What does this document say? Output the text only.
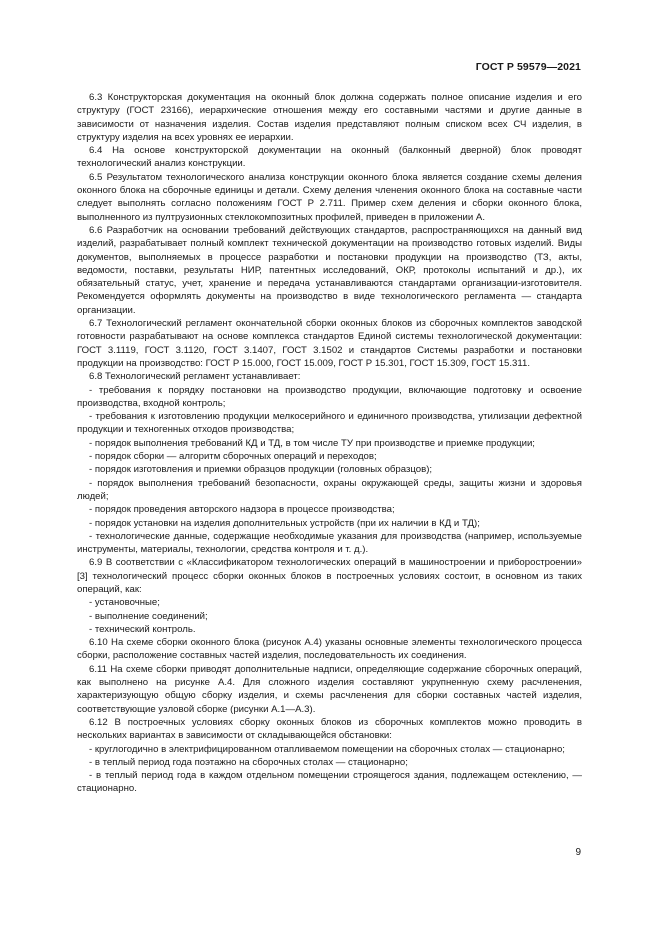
ГОСТ Р 59579—2021

6.3 Конструкторская документация на оконный блок должна содержать полное описание изделия и его структуру (ГОСТ 23166), иерархические отношения между его составными частями и другие данные в зависимости от назначения изделия. Состав изделия представляют полным списком всех СЧ изделия, в структуру изделия на всех уровнях ее иерархии.

6.4 На основе конструкторской документации на оконный (балконный дверной) блок проводят технологический анализ конструкции.

6.5 Результатом технологического анализа конструкции оконного блока является создание схемы деления оконного блока на сборочные единицы и детали. Схему деления членения оконного блока на составные части следует выполнять согласно положениям ГОСТ Р 2.711. Пример схем деления и сборки оконного блока, выполненного из пултрузионных стеклокомпозитных профилей, приведен в приложении А.

6.6 Разработчик на основании требований действующих стандартов, распространяющихся на данный вид изделий, разрабатывает полный комплект технической документации на производство готовых изделий. Виды документов, выполняемых в процессе разработки и постановки продукции на производство (ТЗ, акты, ведомости, поставки, результаты НИР, патентных исследований, ОКР, протоколы испытаний и др.), их обязательный статус, учет, хранение и передача устанавливаются стандартами организации-изготовителя. Рекомендуется оформлять документы на производство в виде технологического регламента — стандарта организации.

6.7 Технологический регламент окончательной сборки оконных блоков из сборочных комплектов заводской готовности разрабатывают на основе комплекса стандартов Единой системы технологической документации: ГОСТ 3.1119, ГОСТ 3.1120, ГОСТ 3.1407, ГОСТ 3.1502 и стандартов Системы разработки и постановки продукции на производство: ГОСТ Р 15.000, ГОСТ 15.009, ГОСТ Р 15.301, ГОСТ 15.309, ГОСТ 15.311.

6.8 Технологический регламент устанавливает:

- требования к порядку постановки на производство продукции, включающие подготовку и освоение производства, входной контроль;

- требования к изготовлению продукции мелкосерийного и единичного производства, утилизации дефектной продукции и техногенных отходов производства;

- порядок выполнения требований КД и ТД, в том числе ТУ при производстве и приемке продукции;

- порядок сборки — алгоритм сборочных операций и переходов;

- порядок изготовления и приемки образцов продукции (головных образцов);

- порядок выполнения требований безопасности, охраны окружающей среды, защиты жизни и здоровья людей;

- порядок проведения авторского надзора в процессе производства;

- порядок установки на изделия дополнительных устройств (при их наличии в КД и ТД);

- технологические данные, содержащие необходимые указания для производства (например, используемые инструменты, материалы, технологии, средства контроля и т. д.).

6.9 В соответствии с «Классификатором технологических операций в машиностроении и приборостроении» [3] технологический процесс сборки оконных блоков в построечных условиях состоит, в основном из таких операций, как:

- установочные;

- выполнение соединений;

- технический контроль.

6.10 На схеме сборки оконного блока (рисунок А.4) указаны основные элементы технологического процесса сборки, расположение составных частей изделия, последовательность их соединения.

6.11 На схеме сборки приводят дополнительные надписи, определяющие содержание сборочных операций, как выполнено на рисунке А.4. Для сложного изделия составляют укрупненную схему расчленения, характеризующую общую сборку изделия, и схемы расчленения для сборки составных частей изделия, соответствующие узловой сборке (рисунки А.1—А.3).

6.12 В построечных условиях сборку оконных блоков из сборочных комплектов можно проводить в нескольких вариантах в зависимости от складывающейся обстановки:

- круглогодично в электрифицированном отапливаемом помещении на сборочных столах — стационарно;

- в теплый период года поэтажно на сборочных столах — стационарно;

- в теплый период года в каждом отдельном помещении строящегося здания, подлежащем остеклению, — стационарно.

9
